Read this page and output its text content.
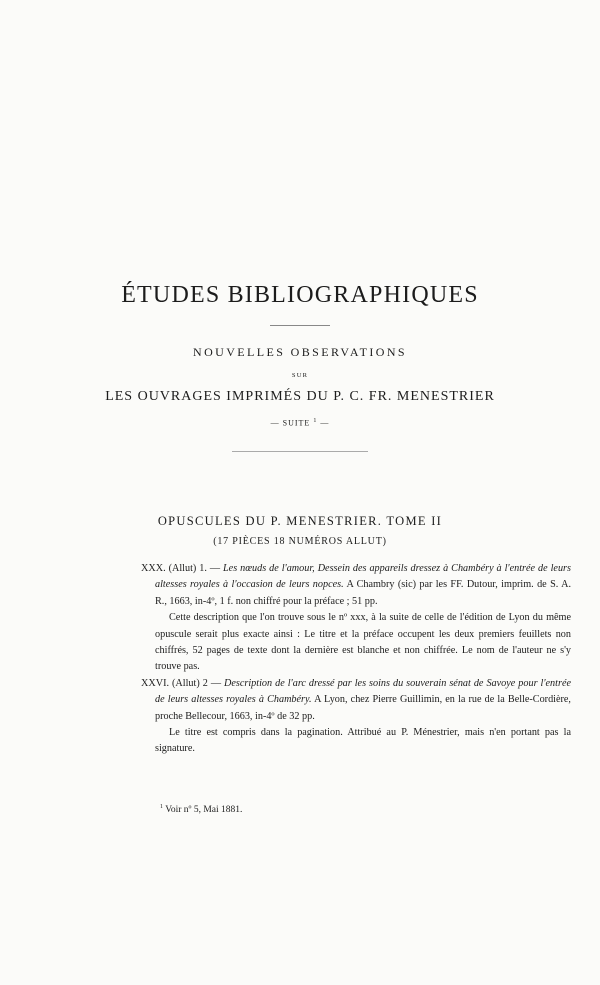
ÉTUDES BIBLIOGRAPHIQUES
NOUVELLES OBSERVATIONS
SUR
LES OUVRAGES IMPRIMÉS DU P. C. FR. MENESTRIER
— SUITE $^1$ —
OPUSCULES DU P. MENESTRIER. TOME II
(17 PIÈCES 18 NUMÉROS ALLUT)

XXX. (Allut) 1. — Les nœuds de l'amour, Dessein des appareils dressez à Chambéry à l'entrée de leurs altesses royales à l'occasion de leurs nopces. A Chambry (sic) par les FF. Dutour, imprim. de S. A. R., 1663, in-4º, 1 f. non chiffré pour la préface ; 51 pp.

Cette description que l'on trouve sous le nº xxx, à la suite de celle de l'édition de Lyon du même opuscule serait plus exacte ainsi : Le titre et la préface occupent les deux premiers feuillets non chiffrés, 52 pages de texte dont la dernière est blanche et non chiffrée. Le nom de l'auteur ne s'y trouve pas.

XXVI. (Allut) 2 — Description de l'arc dressé par les soins du souverain sénat de Savoye pour l'entrée de leurs altesses royales à Chambéry. A Lyon, chez Pierre Guillimin, en la rue de la Belle-Cordière, proche Bellecour, 1663, in-4º de 32 pp.

Le titre est compris dans la pagination. Attribué au P. Ménestrier, mais n'en portant pas la signature.

$^1$ Voir nº 5, Mai 1881.
